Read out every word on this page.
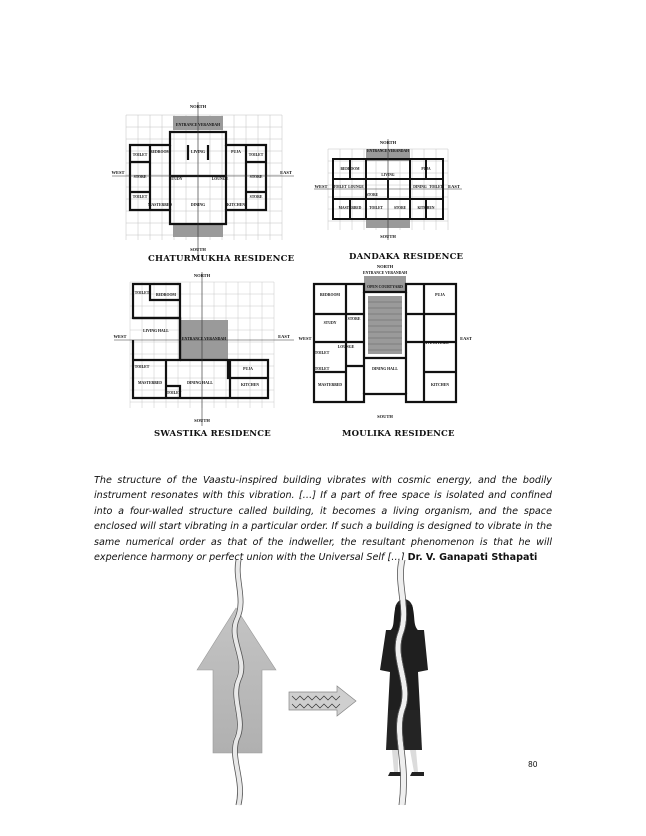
ENTRANCE VERANDAH
BEDROOM	LIVING	PUJA
TOILET	TOILET
STUDY	LOUNGE
STORE	STORE
TOILET
MASTERBED	DINING	KITCHEN
STORE
NORTH
SOUTH
EAST
WEST
CHATURMUKHA RESIDENCE
ENTRANCE VERANDAH
BEDROOM	PUJA
LOUNGE
LIVING
DINING
STORE
MASTERBED TOILET	STORE	KITCHEN
TOILET	TOILET
NORTH
SOUTH
EAST
WEST
DANDAKA RESIDENCE
TOILET BEDROOM
LIVING HALL
ENTRANCE VERANDAH
PUJA
TOILET
MASTERBED	DINING HALL	KITCHEN
TOILET
NORTH
SOUTH
EAST
WEST
SWASTIKA RESIDENCE
ENTRANCE VERANDAH
BEDROOM
OPEN COURTYARD
PUJA
STUDY
STORE
LIVING HALL
LOUNGE
TOILET
TOILET	DINING HALL
MASTERBED	KITCHEN
NORTH
SOUTH
EAST
WEST
MOULIKA RESIDENCE
The structure of the Vaastu-inspired building vibrates with cosmic energy, and the bodily instrument resonates with this vibration. […] If a part of free space is isolated and confined into a four-walled structure called building, it becomes a living organism, and the space enclosed will start vibrating in a particular order. If such a building is designed to vibrate in the same numerical order as that of the indweller, the resultant phenomenon is that he will experience harmony or perfect union with the Universal Self […] Dr. V. Ganapati Sthapati
80
